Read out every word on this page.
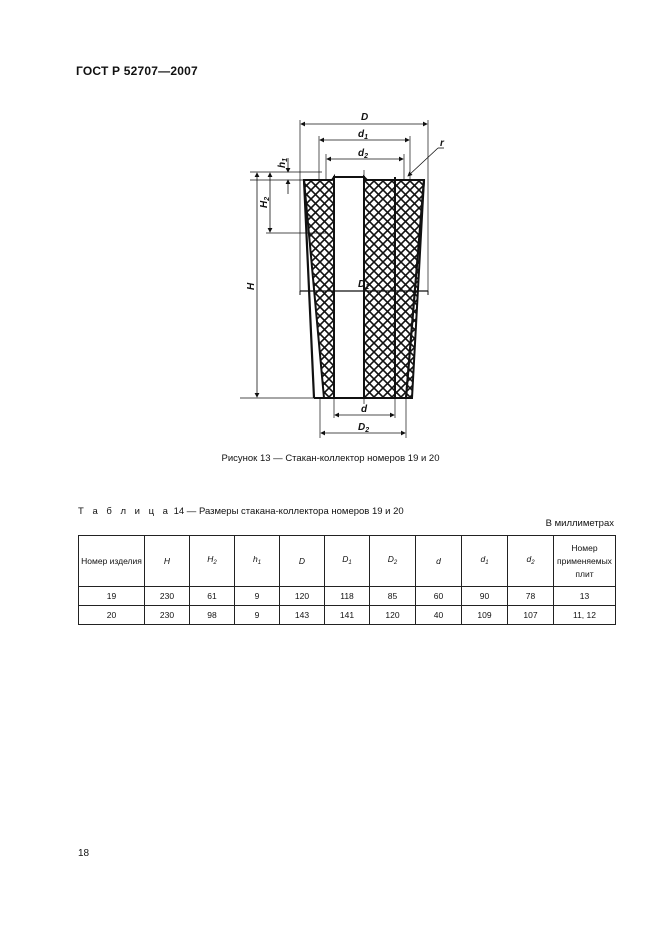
ГОСТ Р 52707—2007
D
$d_1$
$d_2$
r
$D_1$
d
$D_2$
$h_1$
$H_2$
H
Рисунок 13 — Стакан-коллектор номеров 19 и 20
Т а б л и ц а 14 — Размеры стакана-коллектора номеров 19 и 20
В миллиметрах
Номер изделия	H	$H_2$	$h_1$	D	$D_1$	$D_2$	d	$d_1$	$d_2$	Номер применяемых плит
19	230	61	9	120	118	85	60	90	78	13
20	230	98	9	143	141	120	40	109	107	11, 12
18
